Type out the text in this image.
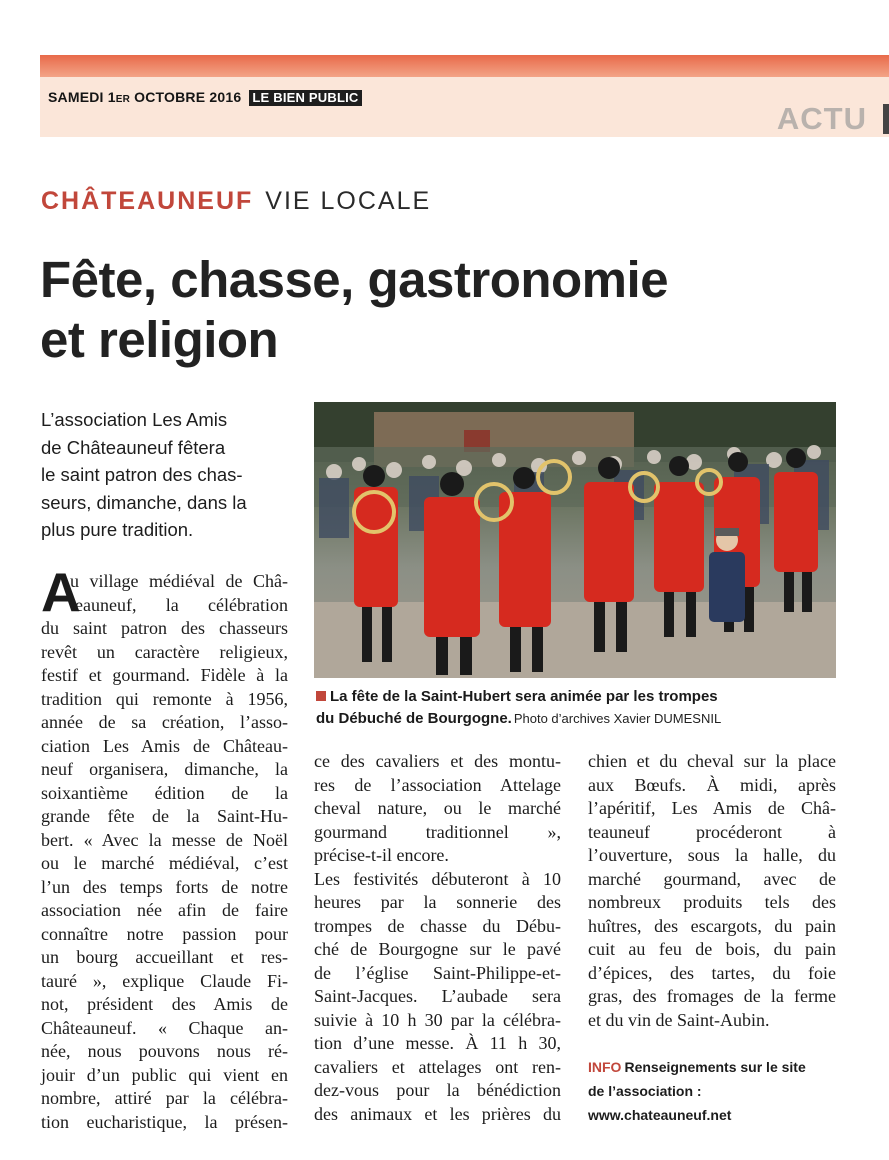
SAMEDI 1ER OCTOBRE 2016 LE BIEN PUBLIC
ACTU
CHÂTEAUNEUF VIE LOCALE
Fête, chasse, gastronomie
et religion
L’association Les Amis
de Châteauneuf fêtera
le saint patron des chas-
seurs, dimanche, dans la
plus pure tradition.
La fête de la Saint-Hubert sera animée par les trompes
du Débuché de Bourgogne. Photo d’archives Xavier DUMESNIL
A
u village médiéval de Châ-
teauneuf, la célébration
du saint patron des chasseurs
revêt un caractère religieux,
festif et gourmand. Fidèle à la
tradition qui remonte à 1956,
année de sa création, l’asso-
ciation Les Amis de Château-
neuf organisera, dimanche, la
soixantième édition de la
grande fête de la Saint-Hu-
bert. « Avec la messe de Noël
ou le marché médiéval, c’est
l’un des temps forts de notre
association née afin de faire
connaître notre passion pour
un bourg accueillant et res-
tauré », explique Claude Fi-
not, président des Amis de
Châteauneuf. « Chaque an-
née, nous pouvons nous ré-
jouir d’un public qui vient en
nombre, attiré par la célébra-
tion eucharistique, la présen-
ce des cavaliers et des montu-
res de l’association Attelage
cheval nature, ou le marché
gourmand traditionnel »,
précise-t-il encore.
Les festivités débuteront à 10
heures par la sonnerie des
trompes de chasse du Débu-
ché de Bourgogne sur le pavé
de l’église Saint-Philippe-et-
Saint-Jacques. L’aubade sera
suivie à 10 h 30 par la célébra-
tion d’une messe. À 11 h 30,
cavaliers et attelages ont ren-
dez-vous pour la bénédiction
des animaux et les prières du
chien et du cheval sur la place
aux Bœufs. À midi, après
l’apéritif, Les Amis de Châ-
teauneuf procéderont à
l’ouverture, sous la halle, du
marché gourmand, avec de
nombreux produits tels des
huîtres, des escargots, du pain
cuit au feu de bois, du pain
d’épices, des tartes, du foie
gras, des fromages de la ferme
et du vin de Saint-Aubin.
INFO Renseignements sur le site
de l’association :
www.chateauneuf.net
